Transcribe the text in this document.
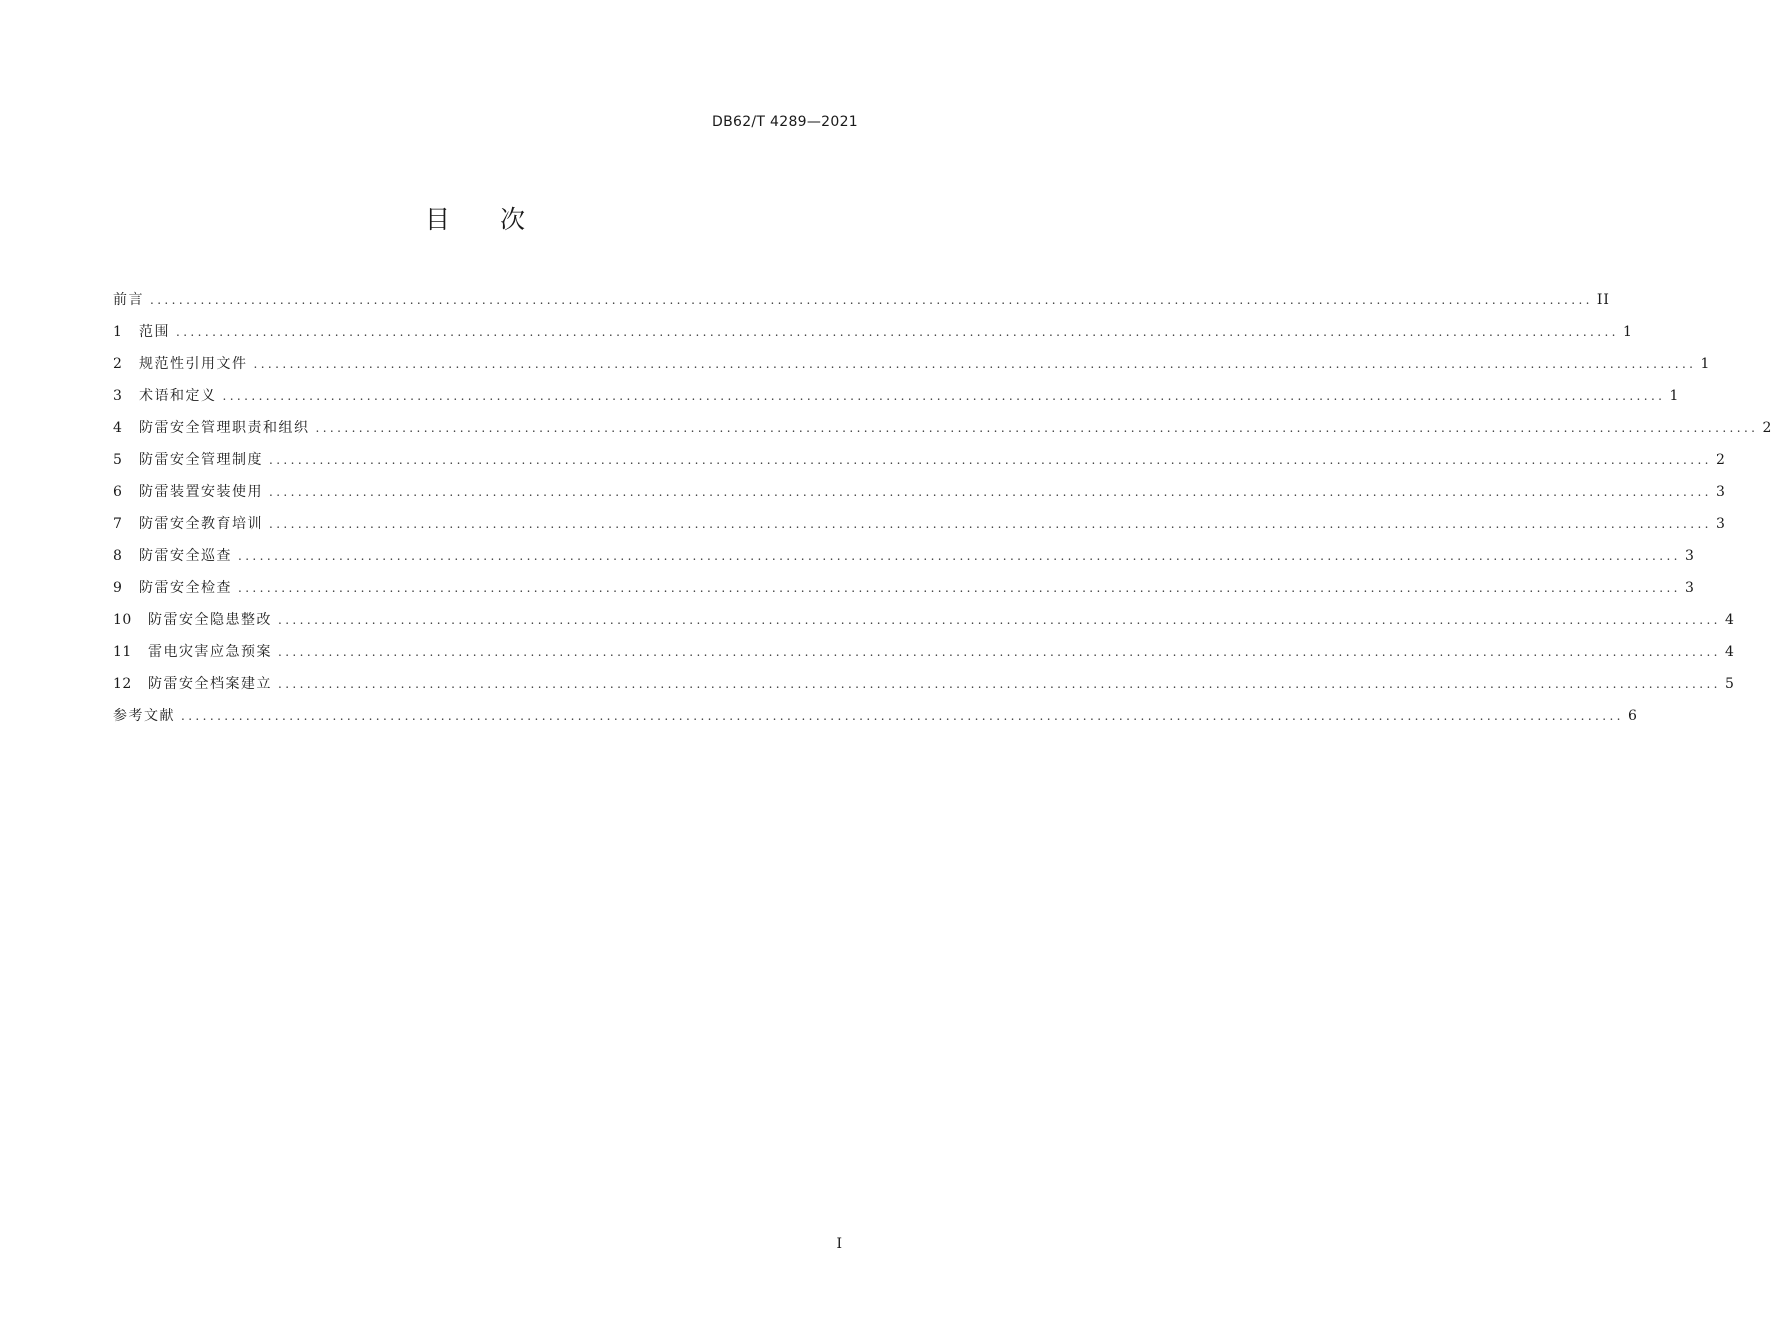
DB62/T 4289—2021
目次
前言 ........................................................................................................................................................................................................ II
1	范围 ........................................................................................................................................................................................................ 1
2	规范性引用文件 ........................................................................................................................................................................................................ 1
3	术语和定义 ........................................................................................................................................................................................................ 1
4	防雷安全管理职责和组织 ........................................................................................................................................................................................................ 2
5	防雷安全管理制度 ........................................................................................................................................................................................................ 2
6	防雷装置安装使用 ........................................................................................................................................................................................................ 3
7	防雷安全教育培训 ........................................................................................................................................................................................................ 3
8	防雷安全巡查 ........................................................................................................................................................................................................ 3
9	防雷安全检查 ........................................................................................................................................................................................................ 3
10	防雷安全隐患整改 ........................................................................................................................................................................................................ 4
11	雷电灾害应急预案 ........................................................................................................................................................................................................ 4
12	防雷安全档案建立 ........................................................................................................................................................................................................ 5
参考文献 ........................................................................................................................................................................................................ 6
I
